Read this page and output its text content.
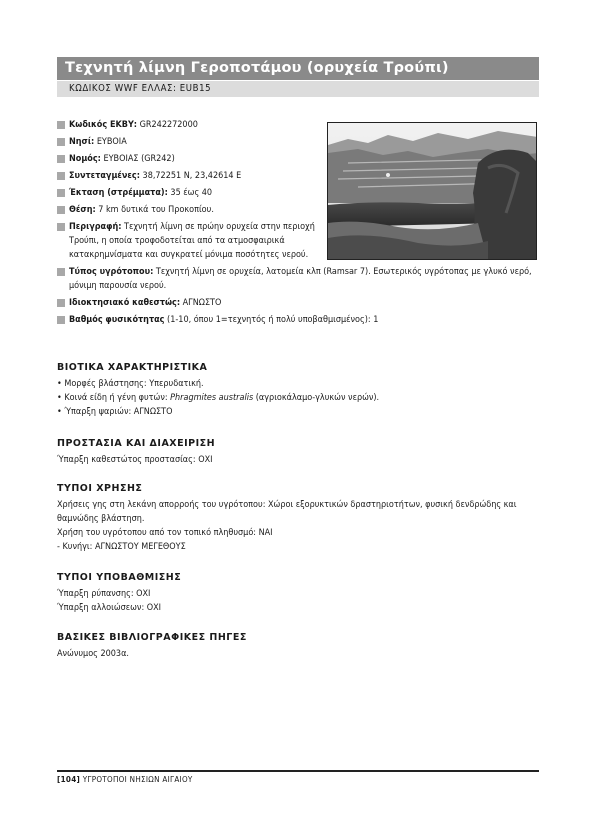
Τεχνητή λίμνη Γεροποτάμου (ορυχεία Τρούπι)
ΚΩΔΙΚΟΣ WWF ΕΛΛΑΣ: EUB15
Κωδικός ΕΚΒΥ: GR242272000
Νησί: ΕΥΒΟΙΑ
Νομός: ΕΥΒΟΙΑΣ (GR242)
Συντεταγμένες: 38,72251 N, 23,42614 E
Έκταση (στρέμματα): 35 έως 40
Θέση: 7 km δυτικά του Προκοπίου.
Περιγραφή: Τεχνητή λίμνη σε πρώην ορυχεία στην περιοχή Τρούπι, η οποία τροφοδοτείται από τα ατμοσφαιρικά κατακρημνίσματα και συγκρατεί μόνιμα ποσότητες νερού.
Τύπος υγρότοπου: Τεχνητή λίμνη σε ορυχεία, λατομεία κλπ (Ramsar 7). Εσωτερικός υγρότοπας με γλυκό νερό, μόνιμη παρουσία νερού.
Ιδιοκτησιακό καθεστώς: ΑΓΝΩΣΤΟ
Βαθμός φυσικότητας (1-10, όπου 1=τεχνητός ή πολύ υποβαθμισμένος): 1
ΒΙΟΤΙΚΑ ΧΑΡΑΚΤΗΡΙΣΤΙΚΑ
• Μορφές βλάστησης: Υπερυδατική.
• Κοινά είδη ή γένη φυτών: Phragmites australis (αγριοκάλαμο-γλυκών νερών).
• Ύπαρξη ψαριών: ΑΓΝΩΣΤΟ
ΠΡΟΣΤΑΣΙΑ ΚΑΙ ΔΙΑΧΕΙΡΙΣΗ
Ύπαρξη καθεστώτος προστασίας: ΟΧΙ
ΤΥΠΟΙ ΧΡΗΣΗΣ
Χρήσεις γης στη λεκάνη απορροής του υγρότοπου: Χώροι εξορυκτικών δραστηριοτήτων, φυσική δενδρώδης και θαμνώδης βλάστηση.
Χρήση του υγρότοπου από τον τοπικό πληθυσμό: ΝΑΙ
- Κυνήγι: ΑΓΝΩΣΤΟΥ ΜΕΓΕΘΟΥΣ
ΤΥΠΟΙ ΥΠΟΒΑΘΜΙΣΗΣ
Ύπαρξη ρύπανσης: ΟΧΙ
Ύπαρξη αλλοιώσεων: ΟΧΙ
ΒΑΣΙΚΕΣ ΒΙΒΛΙΟΓΡΑΦΙΚΕΣ ΠΗΓΕΣ
Ανώνυμος 2003α.
[104] ΥΓΡΟΤΟΠΟΙ ΝΗΣΙΩΝ ΑΙΓΑΙΟΥ
